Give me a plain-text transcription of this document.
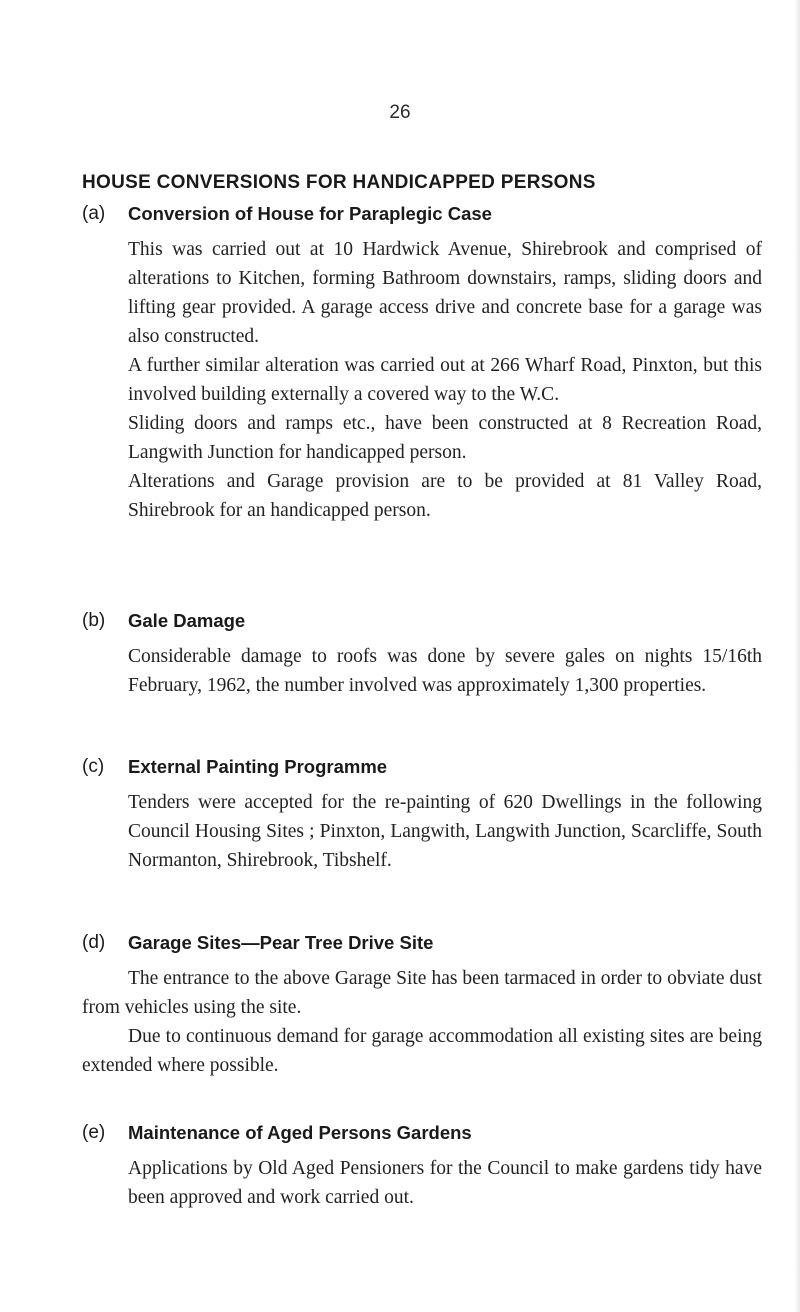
26
HOUSE CONVERSIONS FOR HANDICAPPED PERSONS
(a) Conversion of House for Paraplegic Case

This was carried out at 10 Hardwick Avenue, Shirebrook and comprised of alterations to Kitchen, forming Bathroom downstairs, ramps, sliding doors and lifting gear provided. A garage access drive and concrete base for a garage was also constructed.

A further similar alteration was carried out at 266 Wharf Road, Pinxton, but this involved building externally a covered way to the W.C.

Sliding doors and ramps etc., have been constructed at 8 Recreation Road, Langwith Junction for handicapped person.

Alterations and Garage provision are to be provided at 81 Valley Road, Shirebrook for an handicapped person.

(b) Gale Damage

Considerable damage to roofs was done by severe gales on nights 15/16th February, 1962, the number involved was approximately 1,300 properties.

(c) External Painting Programme

Tenders were accepted for the re-painting of 620 Dwellings in the following Council Housing Sites ; Pinxton, Langwith, Langwith Junction, Scarcliffe, South Normanton, Shirebrook, Tibshelf.

(d) Garage Sites—Pear Tree Drive Site

The entrance to the above Garage Site has been tarmaced in order to obviate dust from vehicles using the site.

Due to continuous demand for garage accommodation all existing sites are being extended where possible.

(e) Maintenance of Aged Persons Gardens

Applications by Old Aged Pensioners for the Council to make gardens tidy have been approved and work carried out.
